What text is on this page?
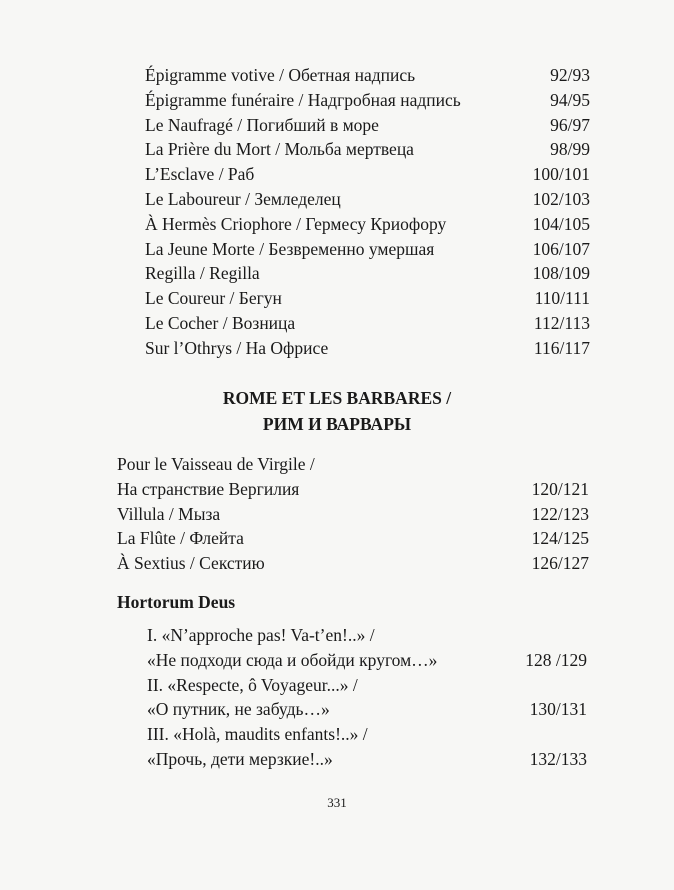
Épigramme votive / Обетная надпись	92/93
Épigramme funéraire / Надгробная надпись	94/95
Le Naufragé / Погибший в море	96/97
La Prière du Mort / Мольба мертвеца	98/99
L’Esclave / Раб	100/101
Le Laboureur / Земледелец	102/103
À Hermès Criophore / Гермесу Криофору	104/105
La Jeune Morte / Безвременно умершая	106/107
Regilla / Regilla	108/109
Le Coureur / Бегун	110/111
Le Cocher / Возница	112/113
Sur l’Othrys / На Офрисе	116/117
ROME ET LES BARBARES /
РИМ И ВАРВАРЫ
Pour le Vaisseau de Virgile /
На странствие Вергилия	120/121
Villula / Мыза	122/123
La Flûte / Флейта	124/125
À Sextius / Секстию	126/127
Hortorum Deus
I. «N’approche pas! Va-t’en!..» /
«Не подходи сюда и обойди кругом…»	128 /129
II. «Respecte, ô Voyageur...» /
«О путник, не забудь…»	130/131
III. «Holà, maudits enfants!..» /
«Прочь, дети мерзкие!..»	132/133
331
